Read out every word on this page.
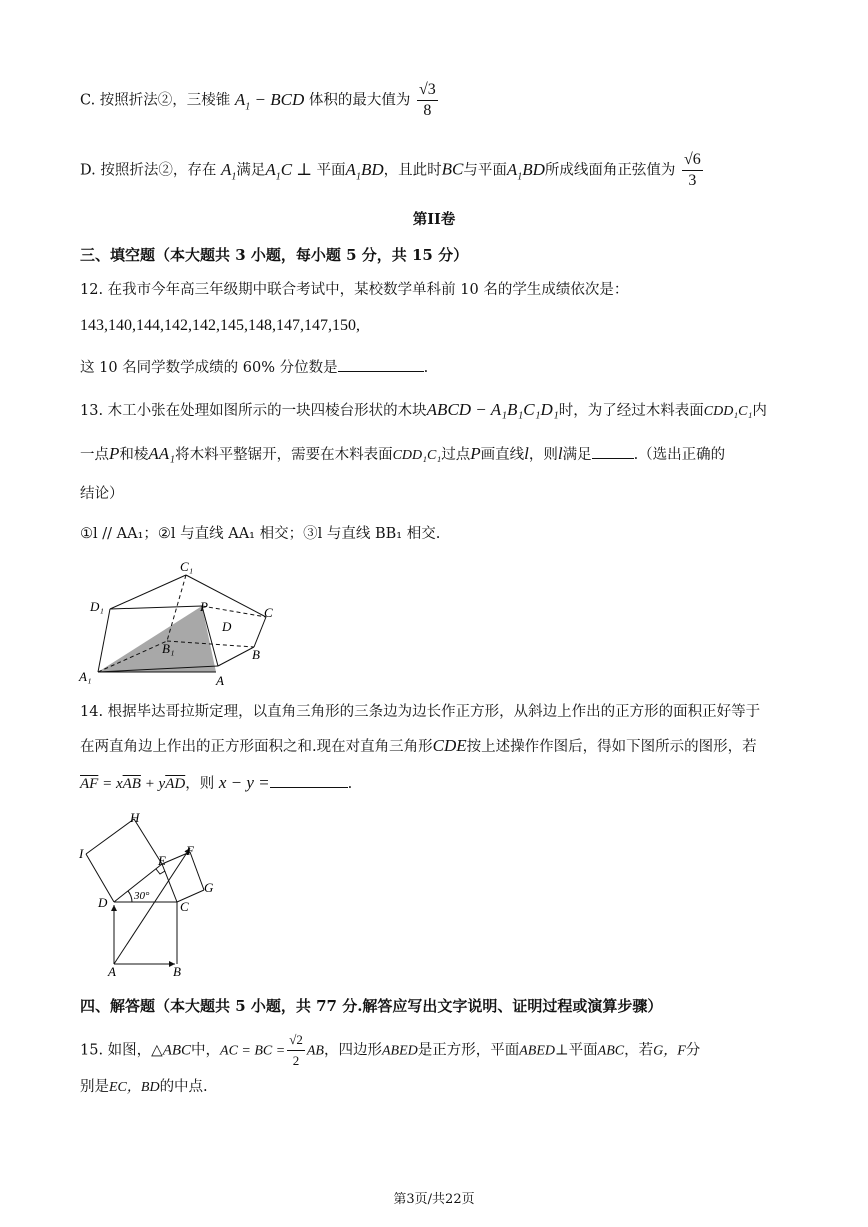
C. 按照折法②，三棱锥 $A_1$ − BCD 体积的最大值为 $\frac{√3}{8}$
D. 按照折法②，存在 $A_1$满足$A_1C$ ⊥ 平面$A_1BD$，且此时BC与平面$A_1BD$所成线面角正弦值为 $\frac{√6}{3}$
第II卷
三、填空题（本大题共 3 小题，每小题 5 分，共 15 分）
12. 在我市今年高三年级期中联合考试中，某校数学单科前 10 名的学生成绩依次是：
143,140,144,142,142,145,148,147,147,150,
这 10 名同学数学成绩的 60% 分位数是	.
13. 木工小张在处理如图所示的一块四棱台形状的木块ABCD − A₁B₁C₁D₁时，为了经过木料表面CDD₁C₁内
一点P和棱AA₁将木料平整锯开，需要在木料表面CDD₁C₁过点P画直线l，则l满足	.（选出正确的
结论）
①l // AA₁；②l 与直线 AA₁ 相交；③l 与直线 BB₁ 相交.
C₁
D₁	P	C
D
B₁	B
A₁	A
14. 根据毕达哥拉斯定理，以直角三角形的三条边为边长作正方形，从斜边上作出的正方形的面积正好等于
在两直角边上作出的正方形面积之和.现在对直角三角形CDE按上述操作作图后，得如下图所示的图形，若
$\overline{AF} = x\overline{AB} + y\overline{AD}$，则 x − y =	.
H
I	E
F
G
D 30°
C
A	B
四、解答题（本大题共 5 小题，共 77 分.解答应写出文字说明、证明过程或演算步骤）
15. 如图，△ABC中，AC = BC = $\frac{√2}{2}$ AB，四边形ABED是正方形，平面ABED⊥平面ABC，若G，F分
别是EC，BD的中点.
第3页/共22页
